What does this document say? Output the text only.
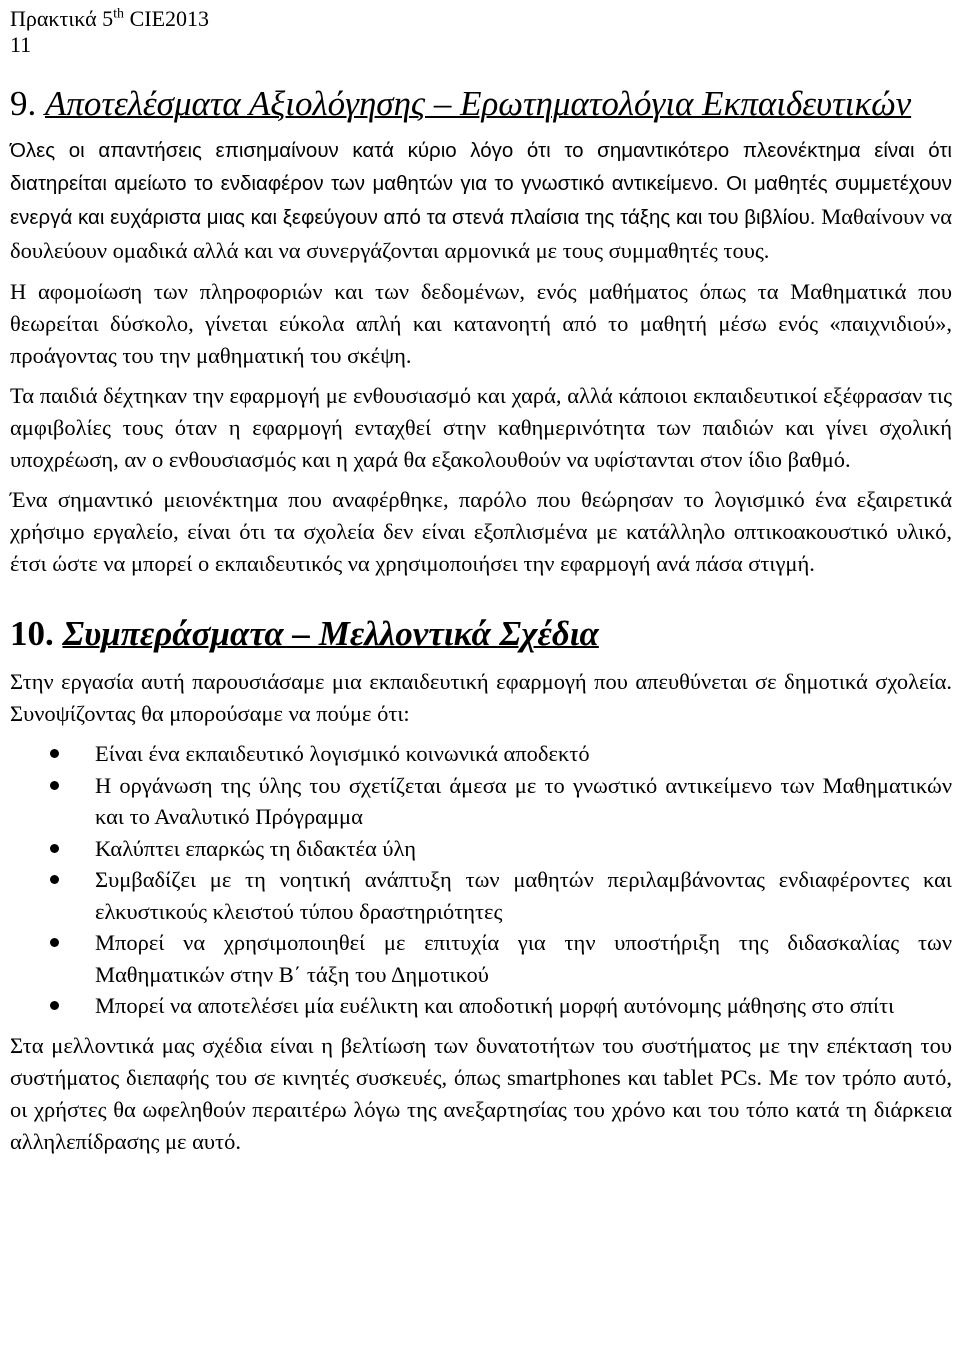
Πρακτικά 5th CIE2013
11
9. Αποτελέσματα Αξιολόγησης – Ερωτηματολόγια Εκπαιδευτικών

Όλες οι απαντήσεις επισημαίνουν κατά κύριο λόγο ότι το σημαντικότερο πλεονέκτημα είναι ότι διατηρείται αμείωτο το ενδιαφέρον των μαθητών για το γνωστικό αντικείμενο. Οι μαθητές συμμετέχουν ενεργά και ευχάριστα μιας και ξεφεύγουν από τα στενά πλαίσια της τάξης και του βιβλίου. Μαθαίνουν να δουλεύουν ομαδικά αλλά και να συνεργάζονται αρμονικά με τους συμμαθητές τους.

Η αφομοίωση των πληροφοριών και των δεδομένων, ενός μαθήματος όπως τα Μαθηματικά που θεωρείται δύσκολο, γίνεται εύκολα απλή και κατανοητή από το μαθητή μέσω ενός «παιχνιδιού», προάγοντας του την μαθηματική του σκέψη.

Τα παιδιά δέχτηκαν την εφαρμογή με ενθουσιασμό και χαρά, αλλά κάποιοι εκπαιδευτικοί εξέφρασαν τις αμφιβολίες τους όταν η εφαρμογή ενταχθεί στην καθημερινότητα των παιδιών και γίνει σχολική υποχρέωση, αν ο ενθουσιασμός και η χαρά θα εξακολουθούν να υφίστανται στον ίδιο βαθμό.

Ένα σημαντικό μειονέκτημα που αναφέρθηκε, παρόλο που θεώρησαν το λογισμικό ένα εξαιρετικά χρήσιμο εργαλείο, είναι ότι τα σχολεία δεν είναι εξοπλισμένα με κατάλληλο οπτικοακουστικό υλικό, έτσι ώστε να μπορεί ο εκπαιδευτικός να χρησιμοποιήσει την εφαρμογή ανά πάσα στιγμή.

10. Συμπεράσματα – Μελλοντικά Σχέδια

Στην εργασία αυτή παρουσιάσαμε μια εκπαιδευτική εφαρμογή που απευθύνεται σε δημοτικά σχολεία. Συνοψίζοντας θα μπορούσαμε να πούμε ότι:

Είναι ένα εκπαιδευτικό λογισμικό κοινωνικά αποδεκτό
Η οργάνωση της ύλης του σχετίζεται άμεσα με το γνωστικό αντικείμενο των Μαθηματικών και το Αναλυτικό Πρόγραμμα
Καλύπτει επαρκώς τη διδακτέα ύλη
Συμβαδίζει με τη νοητική ανάπτυξη των μαθητών περιλαμβάνοντας ενδιαφέροντες και ελκυστικούς κλειστού τύπου δραστηριότητες
Μπορεί να χρησιμοποιηθεί με επιτυχία για την υποστήριξη της διδασκαλίας των Μαθηματικών στην Β΄ τάξη του Δημοτικού
Μπορεί να αποτελέσει μία ευέλικτη και αποδοτική μορφή αυτόνομης μάθησης στο σπίτι

Στα μελλοντικά μας σχέδια είναι η βελτίωση των δυνατοτήτων του συστήματος με την επέκταση του συστήματος διεπαφής του σε κινητές συσκευές, όπως smartphones και tablet PCs. Με τον τρόπο αυτό, οι χρήστες θα ωφεληθούν περαιτέρω λόγω της ανεξαρτησίας του χρόνο και του τόπο κατά τη διάρκεια αλληλεπίδρασης με αυτό.
